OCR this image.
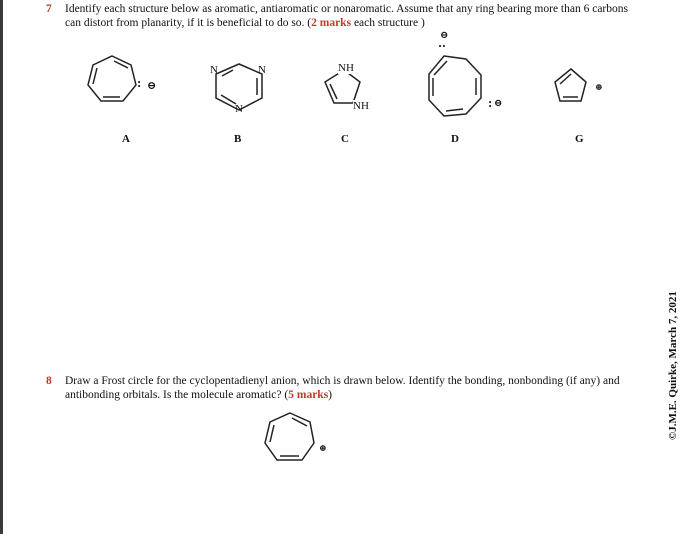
7 Identify each structure below as aromatic, antiaromatic or nonaromatic. Assume that any ring bearing more than 6 carbons
can distort from planarity, if it is beneficial to do so. (2 marks each structure )
: ⊖
A
N	N
N
B
NH
NH
C
⊖
:
: ⊖
D
⊕
G
8 Draw a Frost circle for the cyclopentadienyl anion, which is drawn below. Identify the bonding, nonbonding (if any) and
antibonding orbitals. Is the molecule aromatic? (5 marks)
⊕
©J.M.E. Quirke, March 7, 2021
